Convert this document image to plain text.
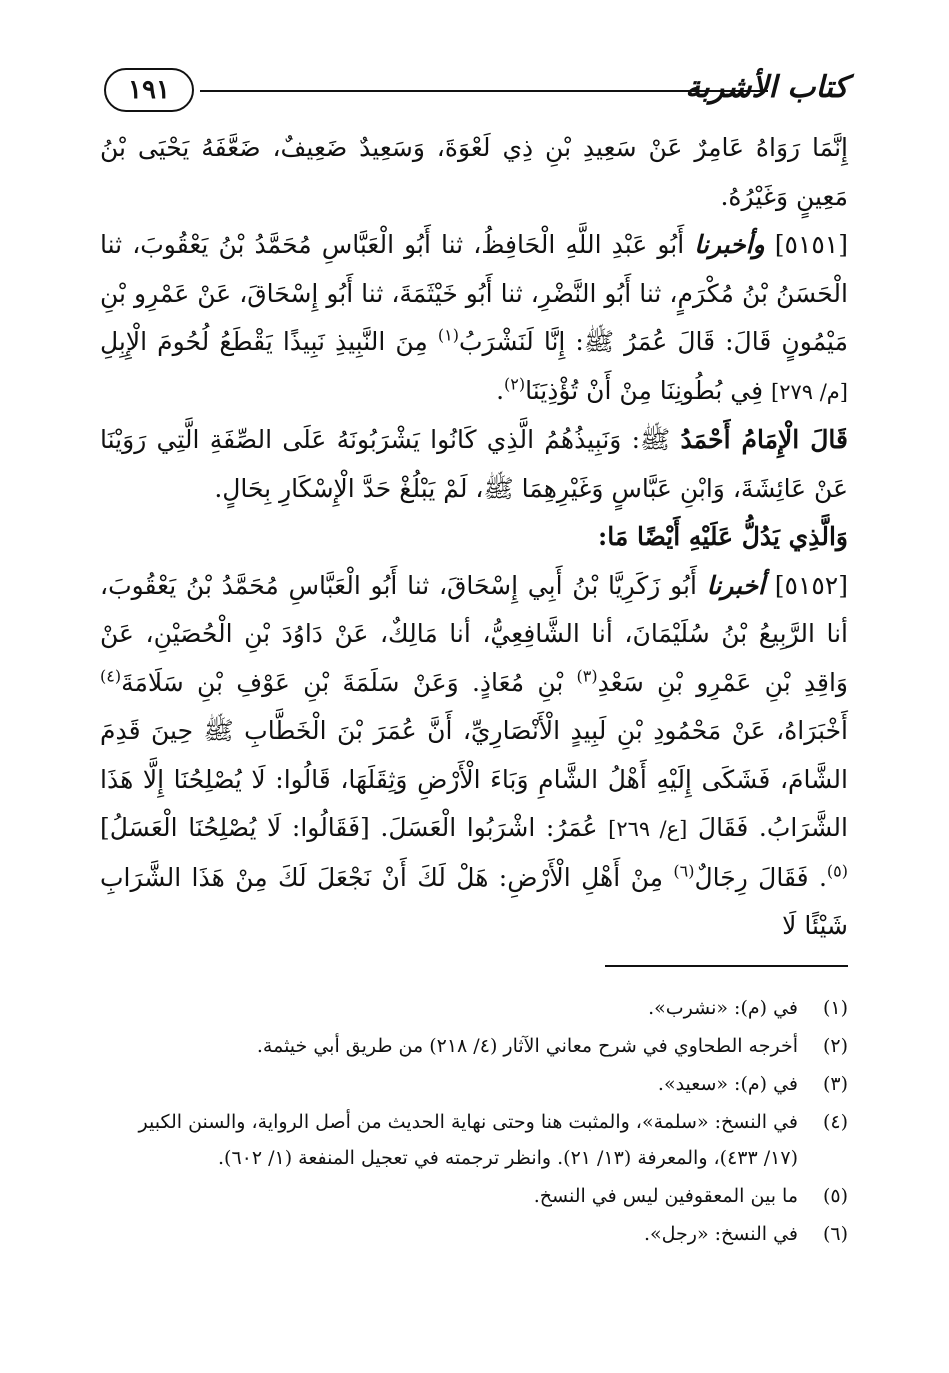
١٩١	كتاب الأشربة

إِنَّمَا رَوَاهُ عَامِرٌ عَنْ سَعِيدِ بْنِ ذِي لَعْوَةَ، وَسَعِيدٌ ضَعِيفٌ، ضَعَّفَهُ يَحْيَى بْنُ مَعِينٍ وَغَيْرُهُ.

[٥١٥١] وأخبرنا أَبُو عَبْدِ اللَّهِ الْحَافِظُ، ثنا أَبُو الْعَبَّاسِ مُحَمَّدُ بْنُ يَعْقُوبَ، ثنا الْحَسَنُ بْنُ مُكْرَمٍ، ثنا أَبُو النَّضْرِ، ثنا أَبُو خَيْثَمَةَ، ثنا أَبُو إِسْحَاقَ، عَنْ عَمْرِو بْنِ مَيْمُونٍ قَالَ: قَالَ عُمَرُ ﷺ: إِنَّا لَنَشْرَبُ$^{(١)}$ مِنَ النَّبِيذِ نَبِيذًا يَقْطَعُ لُحُومَ الْإِبِلِ [م/ ٢٧٩] فِي بُطُونِنَا مِنْ أَنْ تُؤْذِيَنَا$^{(٢)}$.

قَالَ الْإِمَامُ أَحْمَدُ ﷺ: وَنَبِيذُهُمُ الَّذِي كَانُوا يَشْرَبُونَهُ عَلَى الصِّفَةِ الَّتِي رَوَيْنَا عَنْ عَائِشَةَ، وَابْنِ عَبَّاسٍ وَغَيْرِهِمَا ﷺ، لَمْ يَبْلُغْ حَدَّ الْإِسْكَارِ بِحَالٍ.

وَالَّذِي يَدُلُّ عَلَيْهِ أَيْضًا مَا:

[٥١٥٢] أخبرنا أَبُو زَكَرِيَّا بْنُ أَبِي إِسْحَاقَ، ثنا أَبُو الْعَبَّاسِ مُحَمَّدُ بْنُ يَعْقُوبَ، أنا الرَّبِيعُ بْنُ سُلَيْمَانَ، أنا الشَّافِعِيُّ، أنا مَالِكٌ، عَنْ دَاوُدَ بْنِ الْحُصَيْنِ، عَنْ وَاقِدِ بْنِ عَمْرِو بْنِ سَعْدِ$^{(٣)}$ بْنِ مُعَاذٍ. وَعَنْ سَلَمَةَ بْنِ عَوْفِ بْنِ سَلَامَةَ$^{(٤)}$ أَخْبَرَاهُ، عَنْ مَحْمُودِ بْنِ لَبِيدٍ الْأَنْصَارِيِّ، أَنَّ عُمَرَ بْنَ الْخَطَّابِ ﷺ حِينَ قَدِمَ الشَّامَ، فَشَكَى إِلَيْهِ أَهْلُ الشَّامِ وَبَاءَ الْأَرْضِ وَثِقَلَهَا، قَالُوا: لَا يُصْلِحُنَا إِلَّا هَذَا الشَّرَابُ. فَقَالَ [ع/ ٢٦٩] عُمَرُ: اشْرَبُوا الْعَسَلَ. [فَقَالُوا: لَا يُصْلِحُنَا الْعَسَلُ]$^{(٥)}$. فَقَالَ رِجَالٌ$^{(٦)}$ مِنْ أَهْلِ الْأَرْضِ: هَلْ لَكَ أَنْ نَجْعَلَ لَكَ مِنْ هَذَا الشَّرَابِ شَيْئًا لَا

(١)
في (م): «نشرب».
(٢)
أخرجه الطحاوي في شرح معاني الآثار (٤/ ٢١٨) من طريق أبي خيثمة.
(٣)
في (م): «سعيد».
(٤)
في النسخ: «سلمة»، والمثبت هنا وحتى نهاية الحديث من أصل الرواية، والسنن الكبير (١٧/ ٤٣٣)، والمعرفة (١٣/ ٢١). وانظر ترجمته في تعجيل المنفعة (١/ ٦٠٢).
(٥)
ما بين المعقوفين ليس في النسخ.
(٦)
في النسخ: «رجل».
